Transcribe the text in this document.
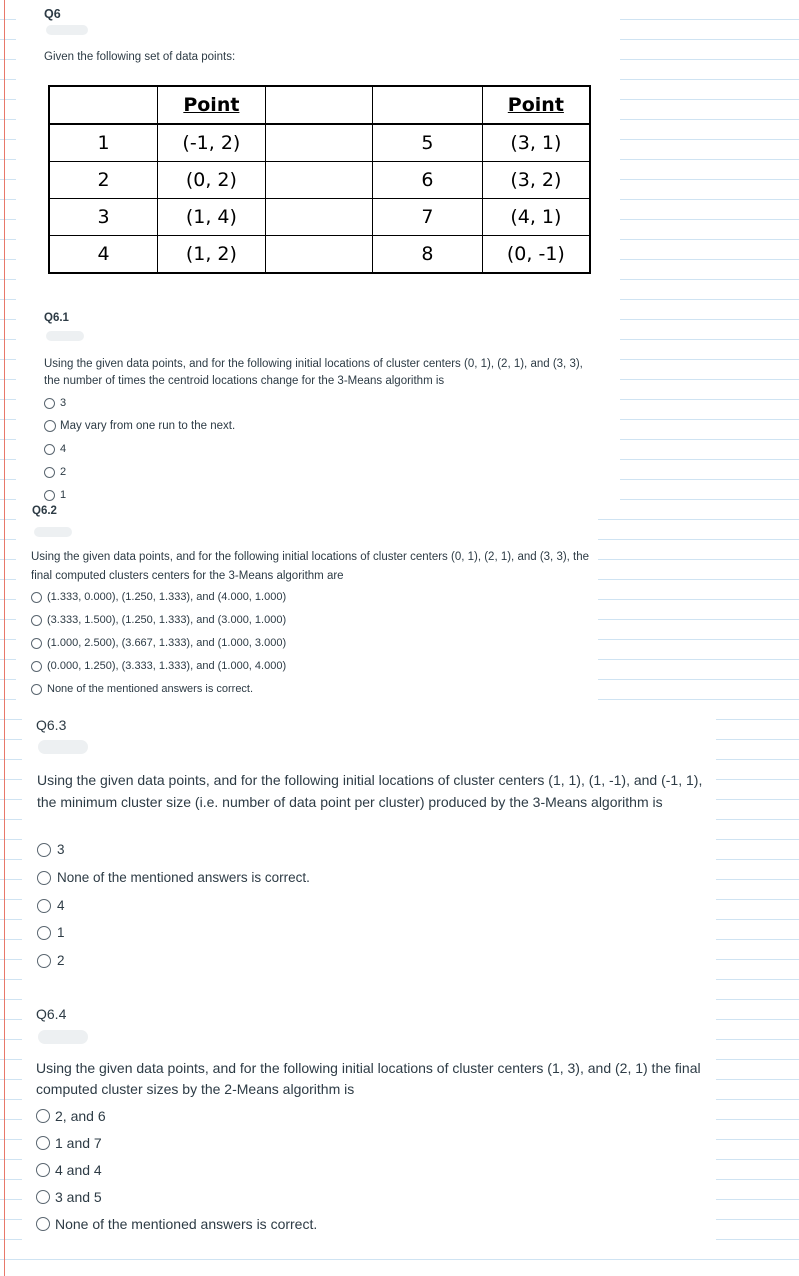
Q6
Given the following set of data points:
	Point			Point
1	(-1, 2)		5	(3, 1)
2	(0, 2)		6	(3, 2)
3	(1, 4)		7	(4, 1)
4	(1, 2)		8	(0, -1)
Q6.1
Using the given data points, and for the following initial locations of cluster centers (0, 1), (2, 1), and (3, 3), the number of times the centroid locations change for the 3-Means algorithm is
3
May vary from one run to the next.
4
2
1
Q6.2
Using the given data points, and for the following initial locations of cluster centers (0, 1), (2, 1), and (3, 3), the final computed clusters centers for the 3-Means algorithm are
(1.333, 0.000), (1.250, 1.333), and (4.000, 1.000)
(3.333, 1.500), (1.250, 1.333), and (3.000, 1.000)
(1.000, 2.500), (3.667, 1.333), and (1.000, 3.000)
(0.000, 1.250), (3.333, 1.333), and (1.000, 4.000)
None of the mentioned answers is correct.
Q6.3
Using the given data points, and for the following initial locations of cluster centers (1, 1), (1, -1), and (-1, 1), the minimum cluster size (i.e. number of data point per cluster) produced by the 3-Means algorithm is
3
None of the mentioned answers is correct.
4
1
2
Q6.4
Using the given data points, and for the following initial locations of cluster centers (1, 3), and (2, 1) the final computed cluster sizes by the 2-Means algorithm is
2, and 6
1 and 7
4 and 4
3 and 5
None of the mentioned answers is correct.
